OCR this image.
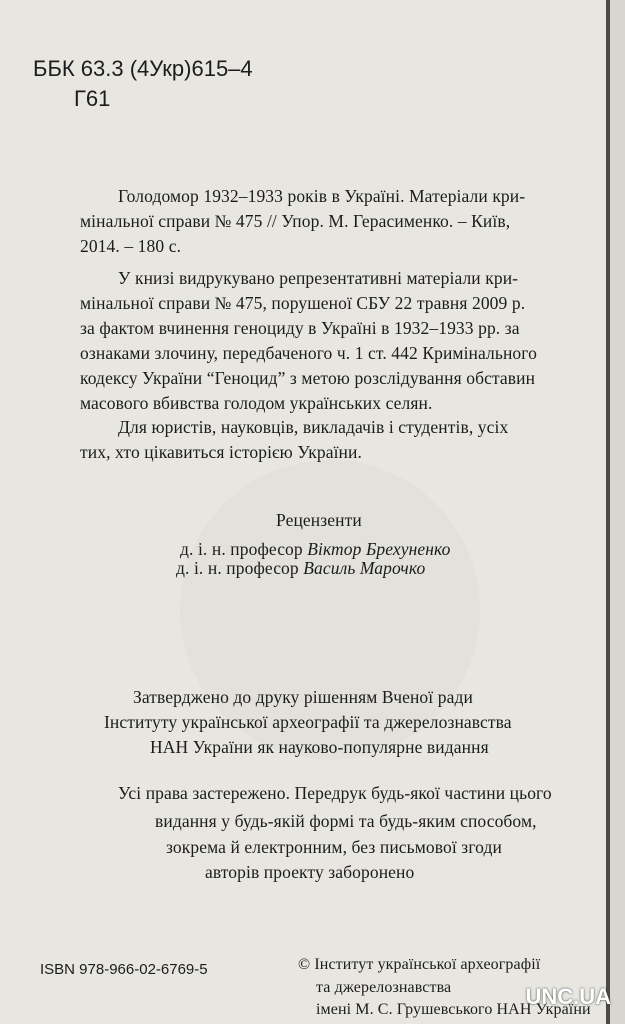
ББК 63.3 (4Укр)615–4
Г61
Голодомор 1932–1933 років в Україні. Матеріали кри-
мінальної справи № 475 // Упор. М. Герасименко. – Київ,
2014. – 180 с.
У книзі видрукувано репрезентативні матеріали кри-
мінальної справи № 475, порушеної СБУ 22 травня 2009 р.
за фактом вчинення геноциду в Україні в 1932–1933 рр. за
ознаками злочину, передбаченого ч. 1 ст. 442 Кримінального
кодексу України “Геноцид” з метою розслідування обставин
масового вбивства голодом українських селян.
Для юристів, науковців, викладачів і студентів, усіх
тих, хто цікавиться історією України.
Рецензенти
д. і. н. професор Віктор Брехуненко
д. і. н. професор Василь Марочко
Затверджено до друку рішенням Вченої ради
Інституту української археографії та джерелознавства
НАН України як науково-популярне видання
Усі права застережено. Передрук будь-якої частини цього
видання у будь-якій формі та будь-яким способом,
зокрема й електронним, без письмової згоди
авторів проекту заборонено
ISBN 978-966-02-6769-5	© Інститут української археографії
та джерелознавства
імені М. С. Грушевського НАН України
UNC.UA
